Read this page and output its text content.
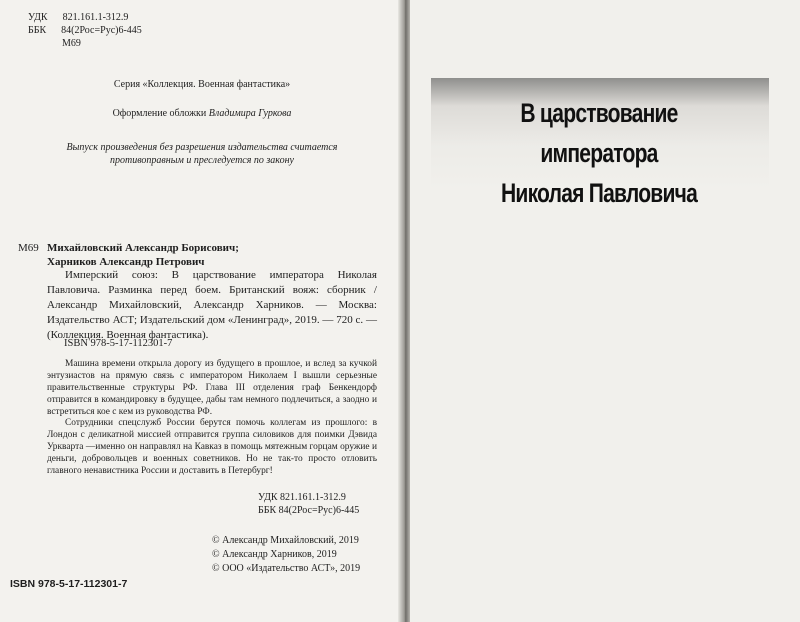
УДК 821.161.1-312.9
ББК 84(2Рос=Рус)6-445
М69
Серия «Коллекция. Военная фантастика»
Оформление обложки Владимира Гуркова
Выпуск произведения без разрешения издательства считается
противоправным и преследуется по закону
М69 Михайловский Александр Борисович;
Харников Александр Петрович
Имперский союз: В царствование императора Николая Павловича. Разминка перед боем. Британский вояж: сборник / Александр Михайловский, Александр Харников. — Москва: Издательство АСТ; Издательский дом «Ленинград», 2019. — 720 с. — (Коллекция. Военная фантастика).
ISBN 978-5-17-112301-7
Машина времени открыла дорогу из будущего в прошлое, и вслед за кучкой энтузиастов на прямую связь с императором Николаем I вышли серьезные правительственные структуры РФ. Глава III отделения граф Бенкендорф отправится в командировку в будущее, дабы там немного подлечиться, а заодно и встретиться кое с кем из руководства РФ.
Сотрудники спецслужб России берутся помочь коллегам из прошлого: в Лондон с деликатной миссией отправится группа силовиков для поимки Дэвида Уркварта —именно он направлял на Кавказ в помощь мятежным горцам оружие и деньги, добровольцев и военных советников. Но не так-то просто отловить главного ненавистника России и доставить в Петербург!
УДК 821.161.1-312.9
ББК 84(2Рос=Рус)6-445
© Александр Михайловский, 2019
© Александр Харников, 2019
© ООО «Издательство АСТ», 2019
ISBN 978-5-17-112301-7
В царствование императора
Николая Павловича
